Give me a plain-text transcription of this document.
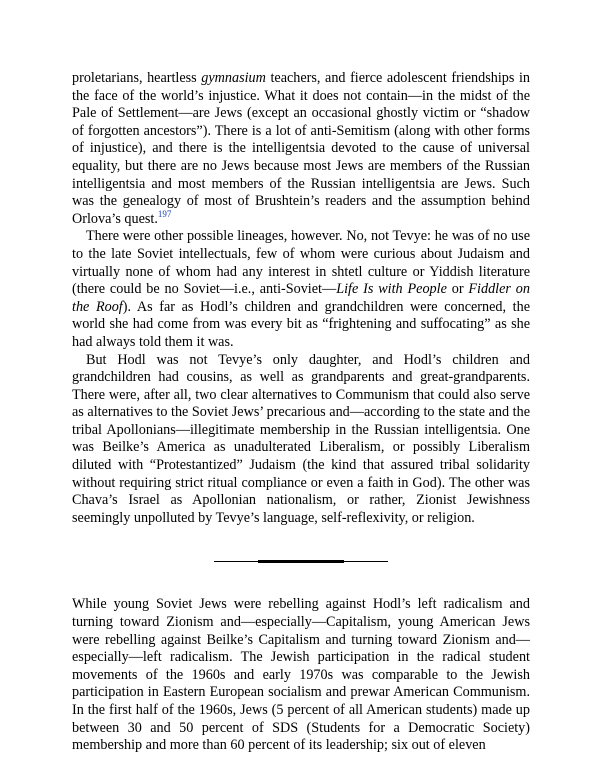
proletarians, heartless gymnasium teachers, and fierce adolescent friendships in the face of the world’s injustice. What it does not contain—in the midst of the Pale of Settlement—are Jews (except an occasional ghostly victim or “shadow of forgotten ancestors”). There is a lot of anti-Semitism (along with other forms of injustice), and there is the intelligentsia devoted to the cause of universal equality, but there are no Jews because most Jews are members of the Russian intelligentsia and most members of the Russian intelligentsia are Jews. Such was the genealogy of most of Brushtein’s readers and the assumption behind Orlova’s quest.$^{197}$

There were other possible lineages, however. No, not Tevye: he was of no use to the late Soviet intellectuals, few of whom were curious about Judaism and virtually none of whom had any interest in shtetl culture or Yiddish literature (there could be no Soviet—i.e., anti-Soviet—Life Is with People or Fiddler on the Roof). As far as Hodl’s children and grandchildren were concerned, the world she had come from was every bit as “frightening and suffocating” as she had always told them it was.

But Hodl was not Tevye’s only daughter, and Hodl’s children and grandchildren had cousins, as well as grandparents and great-grandparents. There were, after all, two clear alternatives to Communism that could also serve as alternatives to the Soviet Jews’ precarious and—according to the state and the tribal Apollonians—illegitimate membership in the Russian intelligentsia. One was Beilke’s America as unadulterated Liberalism, or possibly Liberalism diluted with “Protestantized” Judaism (the kind that assured tribal solidarity without requiring strict ritual compliance or even a faith in God). The other was Chava’s Israel as Apollonian nationalism, or rather, Zionist Jewishness seemingly unpolluted by Tevye’s language, self-reflexivity, or religion.

While young Soviet Jews were rebelling against Hodl’s left radicalism and turning toward Zionism and—especially—Capitalism, young American Jews were rebelling against Beilke’s Capitalism and turning toward Zionism and—especially—left radicalism. The Jewish participation in the radical student movements of the 1960s and early 1970s was comparable to the Jewish participation in Eastern European socialism and prewar American Communism. In the first half of the 1960s, Jews (5 percent of all American students) made up between 30 and 50 percent of SDS (Students for a Democratic Society) membership and more than 60 percent of its leadership; six out of eleven
